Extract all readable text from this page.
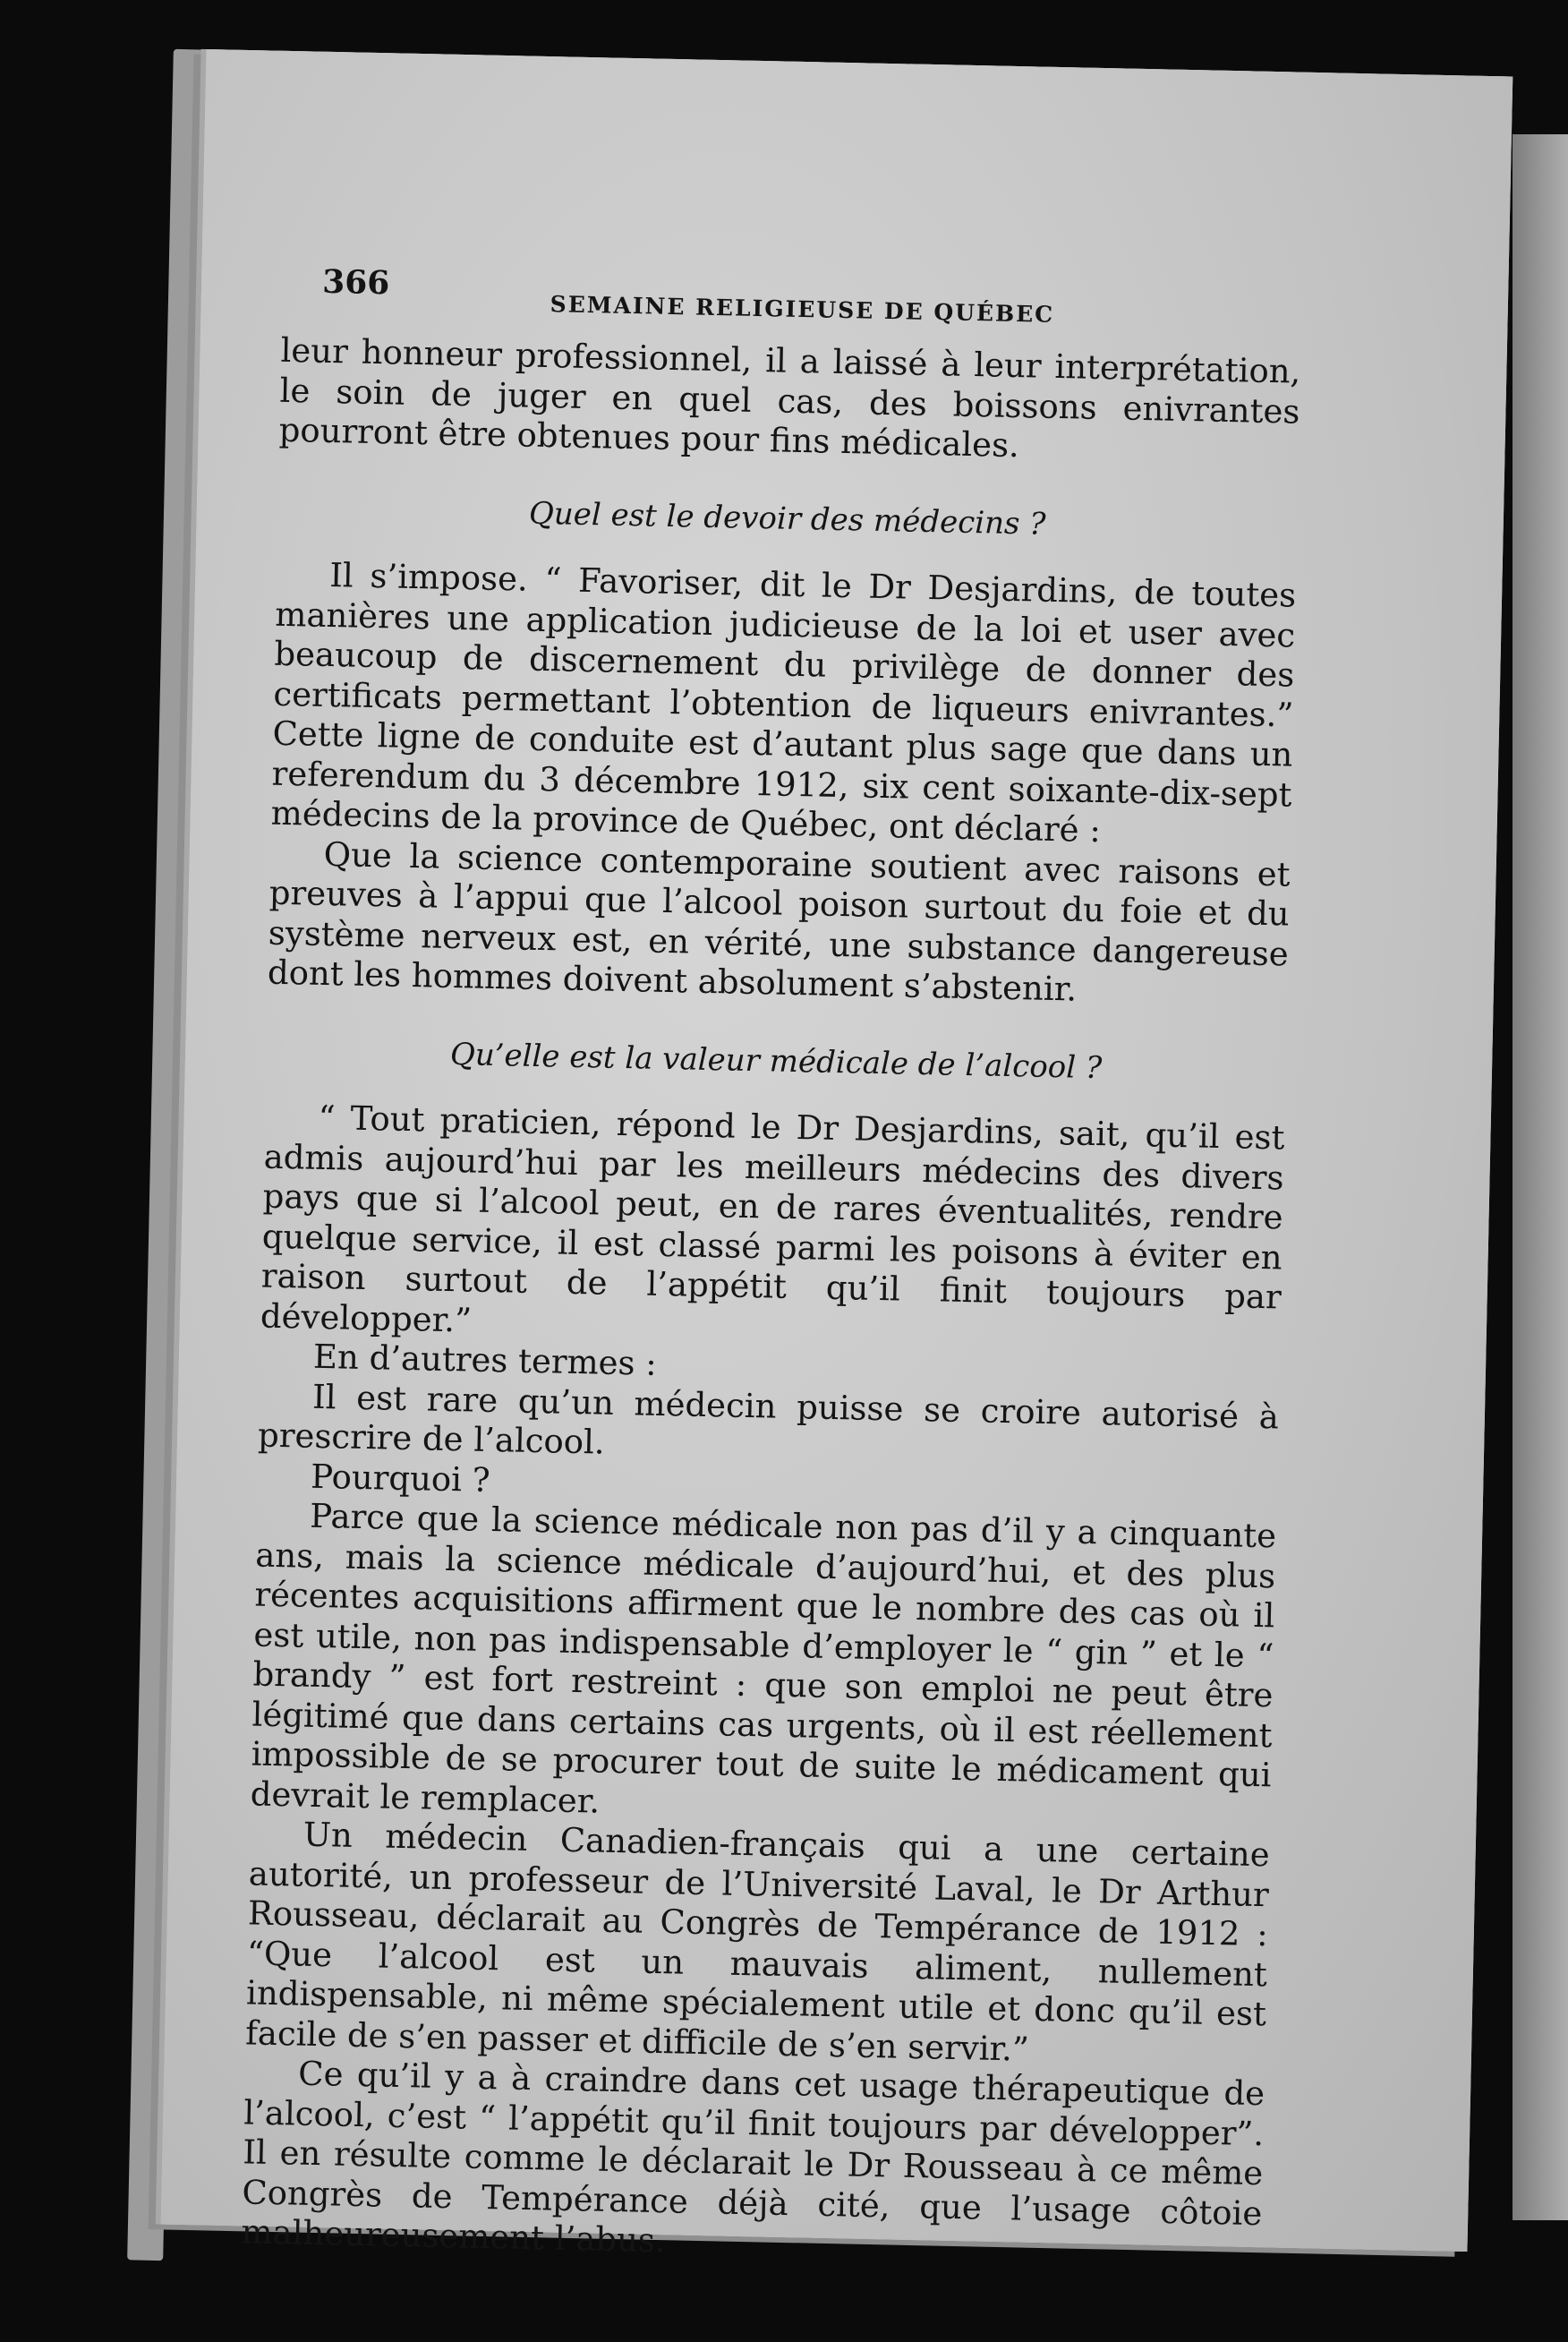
366
SEMAINE RELIGIEUSE DE QUÉBEC

leur honneur professionnel, il a laissé à leur interprétation, le soin de juger en quel cas, des boissons enivrantes pourront être obtenues pour fins médicales.

Quel est le devoir des médecins ?

Il s’impose. “ Favoriser, dit le Dr Desjardins, de toutes manières une application judicieuse de la loi et user avec beaucoup de discernement du privilège de donner des certificats permettant l’obtention de liqueurs enivrantes.” Cette ligne de conduite est d’autant plus sage que dans un referendum du 3 décembre 1912, six cent soixante-dix-sept médecins de la province de Québec, ont déclaré :

Que la science contemporaine soutient avec raisons et preuves à l’appui que l’alcool poison surtout du foie et du système nerveux est, en vérité, une substance dangereuse dont les hommes doivent absolument s’abstenir.

Qu’elle est la valeur médicale de l’alcool ?

“ Tout praticien, répond le Dr Desjardins, sait, qu’il est admis aujourd’hui par les meilleurs médecins des divers pays que si l’alcool peut, en de rares éventualités, rendre quelque service, il est classé parmi les poisons à éviter en raison surtout de l’appétit qu’il finit toujours par développer.”

En d’autres termes :

Il est rare qu’un médecin puisse se croire autorisé à prescrire de l’alcool.

Pourquoi ?

Parce que la science médicale non pas d’il y a cinquante ans, mais la science médicale d’aujourd’hui, et des plus récentes acquisitions affirment que le nombre des cas où il est utile, non pas indispensable d’employer le “ gin ” et le “ brandy ” est fort restreint : que son emploi ne peut être légitimé que dans certains cas urgents, où il est réellement impossible de se procurer tout de suite le médicament qui devrait le remplacer.

Un médecin Canadien-français qui a une certaine autorité, un professeur de l’Université Laval, le Dr Arthur Rousseau, déclarait au Congrès de Tempérance de 1912 : “Que l’alcool est un mauvais aliment, nullement indispensable, ni même spécialement utile et donc qu’il est facile de s’en passer et difficile de s’en servir.”

Ce qu’il y a à craindre dans cet usage thérapeutique de l’alcool, c’est “ l’appétit qu’il finit toujours par développer”. Il en résulte comme le déclarait le Dr Rousseau à ce même Congrès de Tempérance déjà cité, que l’usage côtoie malheureusement l’abus.
